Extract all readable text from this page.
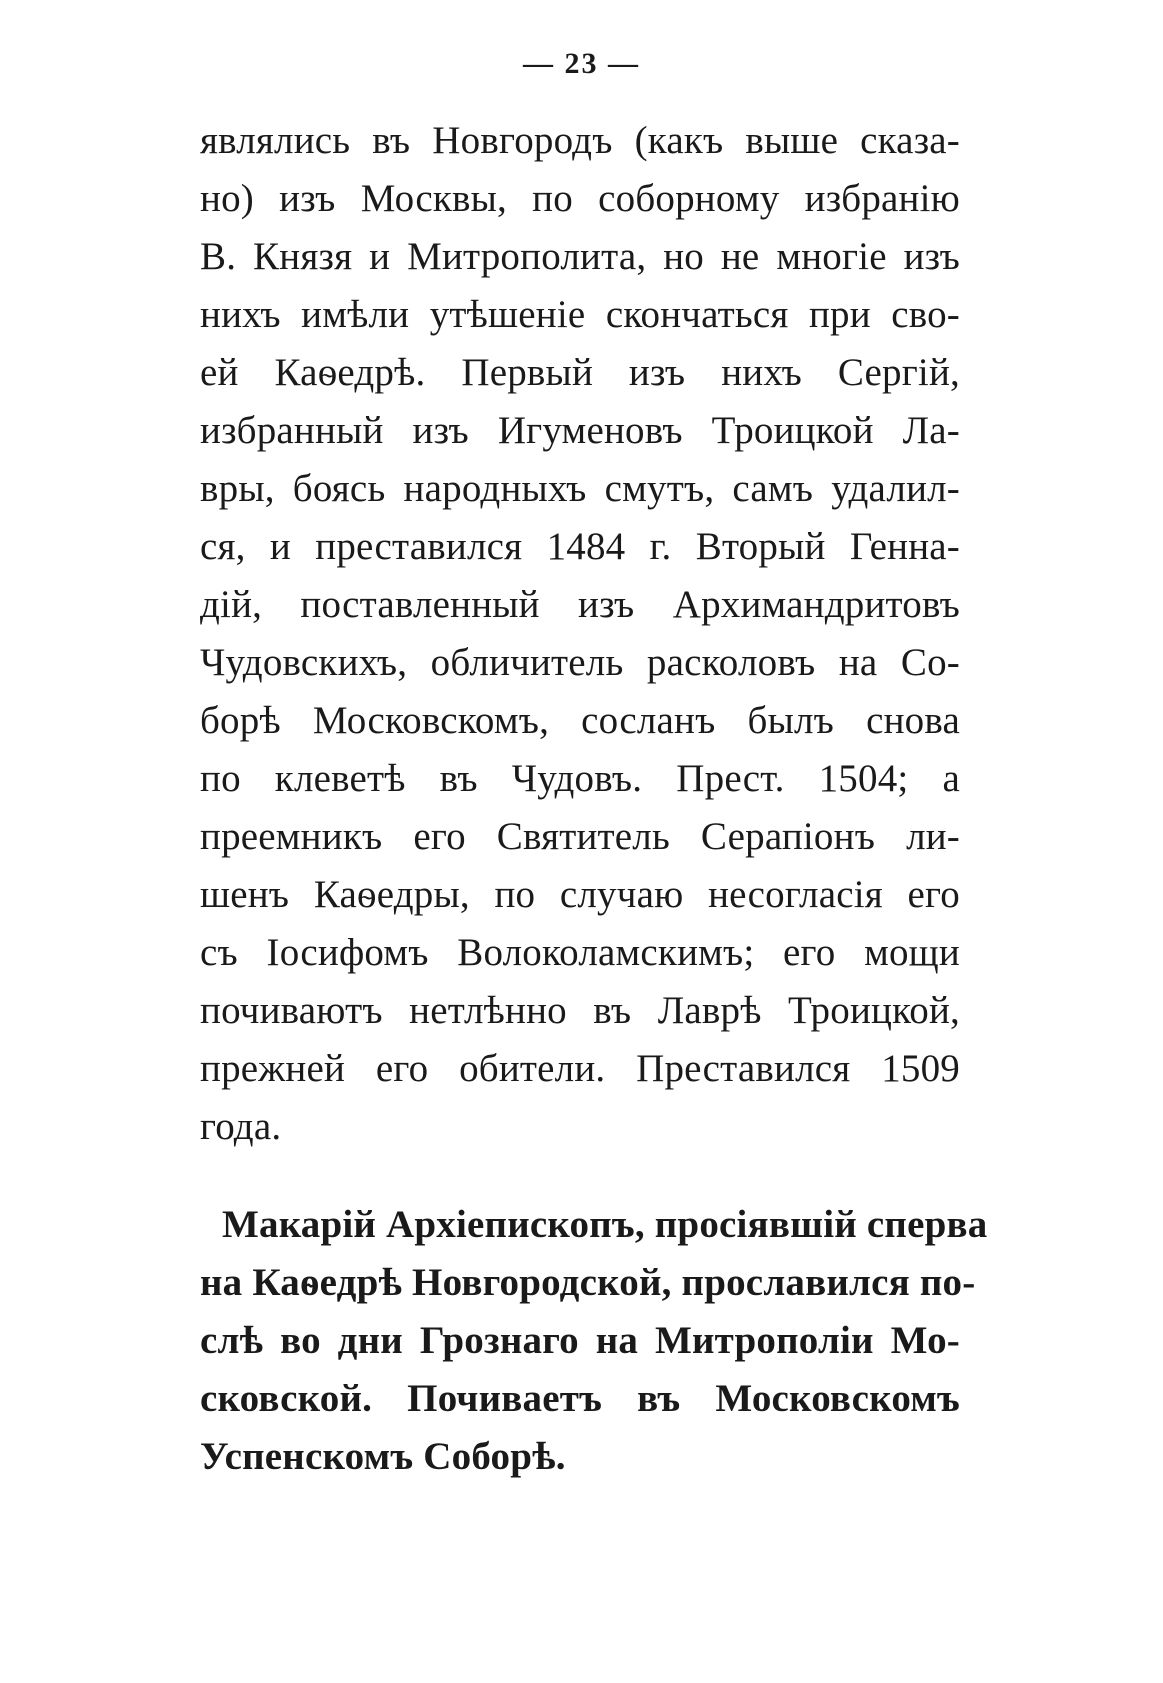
— 23 —
являлись въ Новгородъ (какъ выше сказа-
но) изъ Москвы, по соборному избранію
В. Князя и Митрополита, но не многіе изъ
нихъ имѣли утѣшеніе скончаться при сво-
ей Каѳедрѣ. Первый изъ нихъ Сергій,
избранный изъ Игуменовъ Троицкой Ла-
вры, боясь народныхъ смутъ, самъ удалил-
ся, и преставился 1484 г. Вторый Генна-
дій, поставленный изъ Архимандритовъ
Чудовскихъ, обличитель расколовъ на Со-
борѣ Московскомъ, сосланъ былъ снова
по клеветѣ въ Чудовъ. Прест. 1504; а
преемникъ его Святитель Серапіонъ ли-
шенъ Каѳедры, по случаю несогласія его
съ Іосифомъ Волоколамскимъ; его мощи
почиваютъ нетлѣнно въ Лаврѣ Троицкой,
прежней его обители. Преставился 1509
года.
Макарій Архіепископъ, просіявшій сперва
на Каѳедрѣ Новгородской, прославился по-
слѣ во дни Грознаго на Митрополіи Мо-
сковской. Почиваетъ въ Московскомъ
Успенскомъ Соборѣ.
